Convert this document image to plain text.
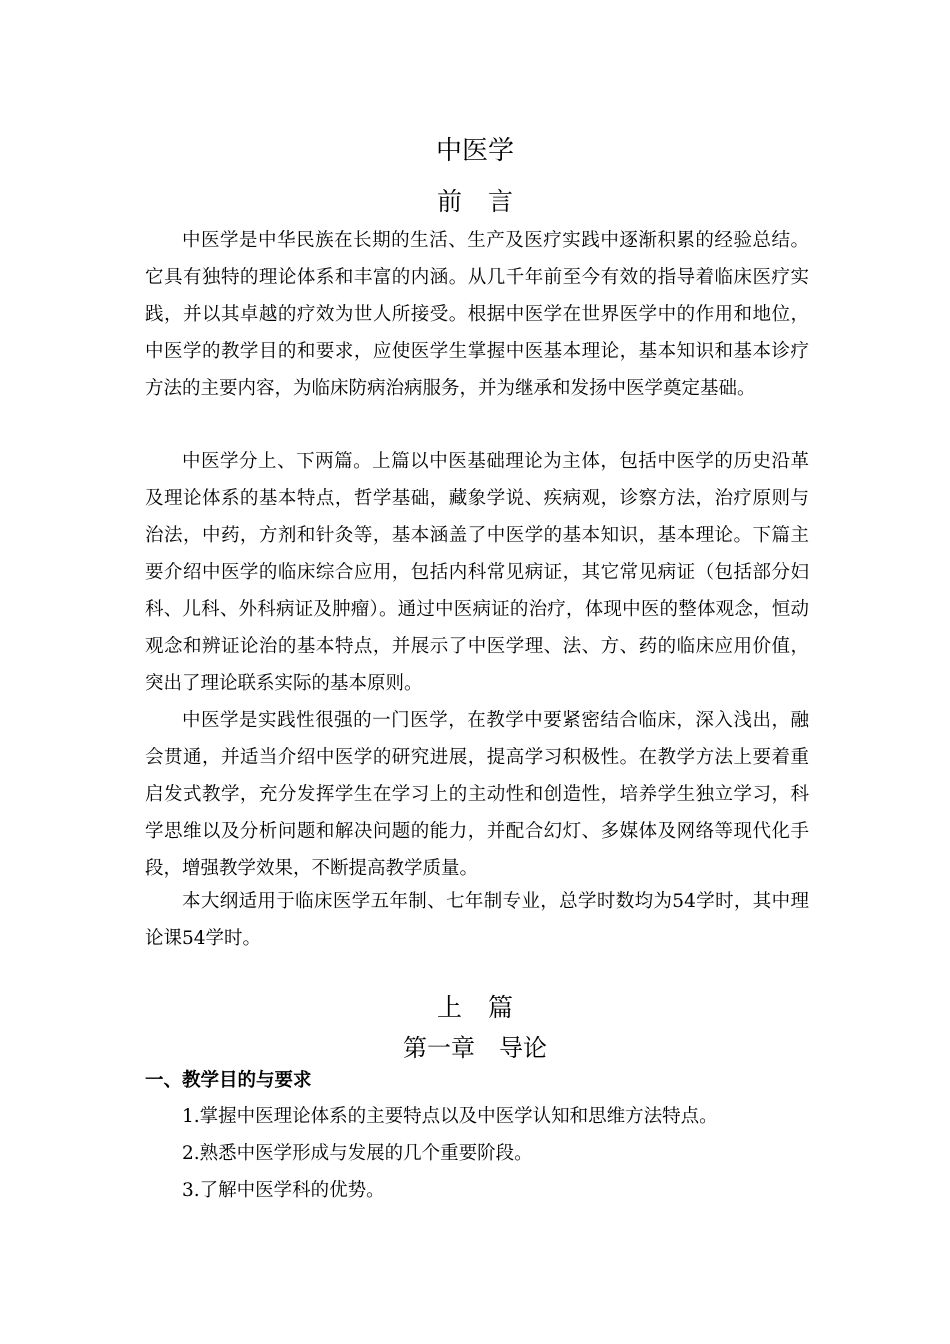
中医学
前言

中医学是中华民族在长期的生活、生产及医疗实践中逐渐积累的经验总结。它具有独特的理论体系和丰富的内涵。从几千年前至今有效的指导着临床医疗实践，并以其卓越的疗效为世人所接受。根据中医学在世界医学中的作用和地位，中医学的教学目的和要求，应使医学生掌握中医基本理论，基本知识和基本诊疗方法的主要内容，为临床防病治病服务，并为继承和发扬中医学奠定基础。

中医学分上、下两篇。上篇以中医基础理论为主体，包括中医学的历史沿革及理论体系的基本特点，哲学基础，藏象学说、疾病观，诊察方法，治疗原则与治法，中药，方剂和针灸等，基本涵盖了中医学的基本知识，基本理论。下篇主要介绍中医学的临床综合应用，包括内科常见病证，其它常见病证（包括部分妇科、儿科、外科病证及肿瘤）。通过中医病证的治疗，体现中医的整体观念，恒动观念和辨证论治的基本特点，并展示了中医学理、法、方、药的临床应用价值，突出了理论联系实际的基本原则。

中医学是实践性很强的一门医学，在教学中要紧密结合临床，深入浅出，融会贯通，并适当介绍中医学的研究进展，提高学习积极性。在教学方法上要着重启发式教学，充分发挥学生在学习上的主动性和创造性，培养学生独立学习，科学思维以及分析问题和解决问题的能力，并配合幻灯、多媒体及网络等现代化手段，增强教学效果，不断提高教学质量。

本大纲适用于临床医学五年制、七年制专业，总学时数均为54学时，其中理论课54学时。

上篇
第一章 导论

一、教学目的与要求

1.掌握中医理论体系的主要特点以及中医学认知和思维方法特点。
2.熟悉中医学形成与发展的几个重要阶段。
3.了解中医学科的优势。
